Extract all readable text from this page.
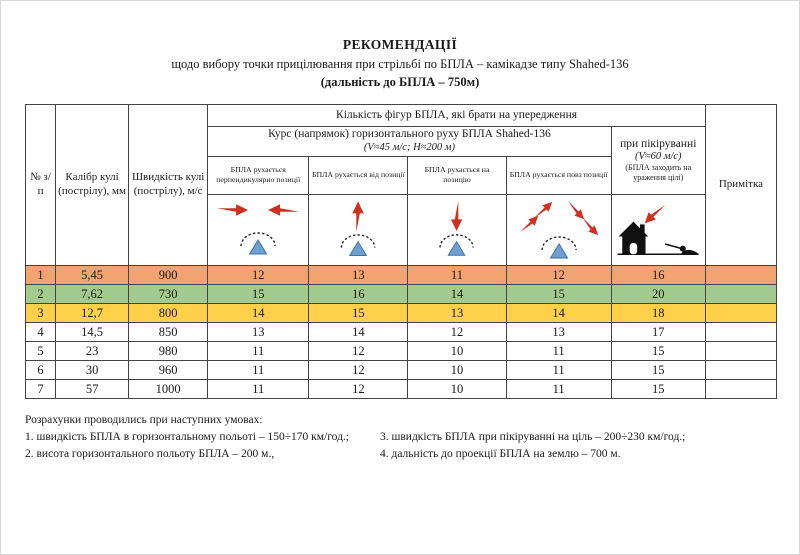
РЕКОМЕНДАЦІЇ
щодо вибору точки прицілювання при стрільбі по БПЛА – камікадзе типу Shahed-136
(дальність до БПЛА – 750м)
№ з/п	Калібр кулі (пострілу), мм	Швидкість кулі (пострілу), м/с	Кількість фігур БПЛА, які брати на упередження					Примітка

Курс (напрямок) горизонтального руху БПЛА Shahed-136
(V≈45 м/с; Н≈200 м)	при пікіруванні
(V≈60 м/с)
(БПЛА заходить на ураження цілі)

			БПЛА рухається перпендикулярно позиції	БПЛА рухається від позиції	БПЛА рухається на позицію	БПЛА рухається повз позиції		

1	5,45	900	12	13	11	12	16	
2	7,62	730	15	16	14	15	20	
3	12,7	800	14	15	13	14	18	
4	14,5	850	13	14	12	13	17	
5	23	980	11	12	10	11	15	
6	30	960	11	12	10	11	15	
7	57	1000	11	12	10	11	15	
Розрахунки проводились при наступних умовах:
1. швидкість БПЛА в горизонтальному польоті – 150÷170 км/год.;
2. висота горизонтального польоту БПЛА – 200 м.,
3. швидкість БПЛА при пікіруванні на ціль – 200÷230 км/год.;
4. дальність до проекції БПЛА на землю – 700 м.
